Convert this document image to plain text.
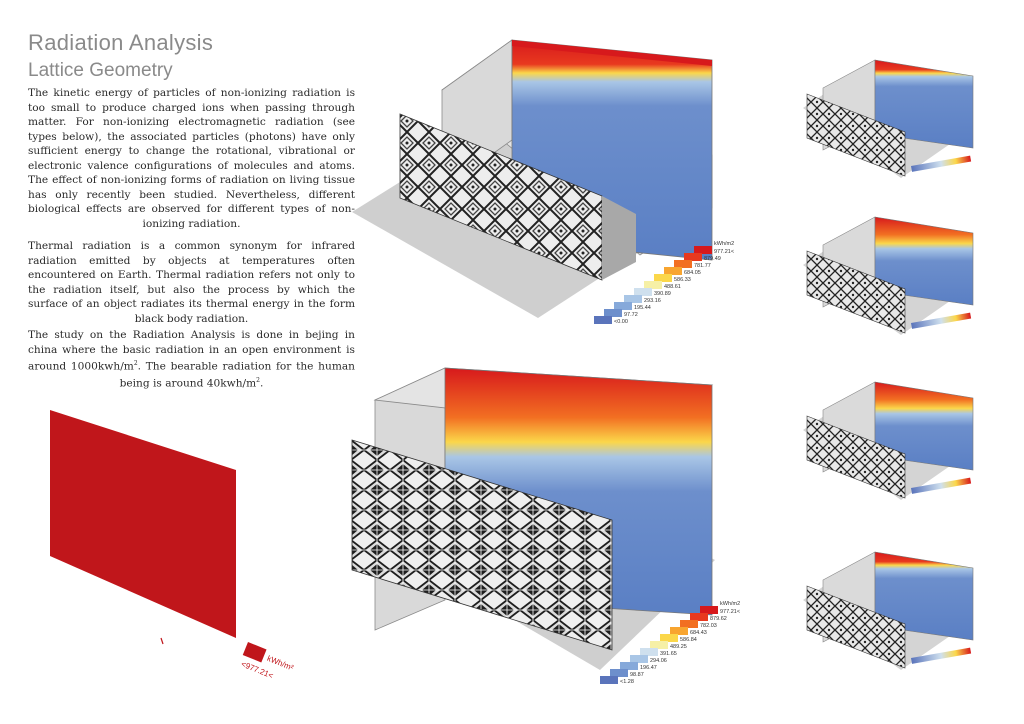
Radiation Analysis
Lattice Geometry

The kinetic energy of particles of non-ionizing radiation is too small to produce charged ions when passing through matter. For non-ionizing electromagnetic radiation (see types below), the associated particles (photons) have only sufficient energy to change the rotational, vibrational or electronic valence configurations of molecules and atoms. The effect of non-ionizing forms of radiation on living tissue has only recently been studied. Nevertheless, different biological effects are observed for different types of non-ionizing radiation.

Thermal radiation is a common synonym for infrared radiation emitted by objects at temperatures often encountered on Earth. Thermal radiation refers not only to the radiation itself, but also the process by which the surface of an object radiates its thermal energy in the form black body radiation.

The study on the Radiation Analysis is done in bejing in china where the basic radiation in an open environment is around $1000kwh/m^2$. The bearable radiation for the human being is around $40kwh/m^2$.

977.21<
879.49
781.77
684.05
586.33
488.61
390.89
293.16
195.44
97.72
<0.00
kWh/m2
977.21<
879.62
782.03
684.43
586.84
489.25
391.65
294.06
196.47
98.87
<1.28
kWh/m2
kWh/m²
<977.21<
